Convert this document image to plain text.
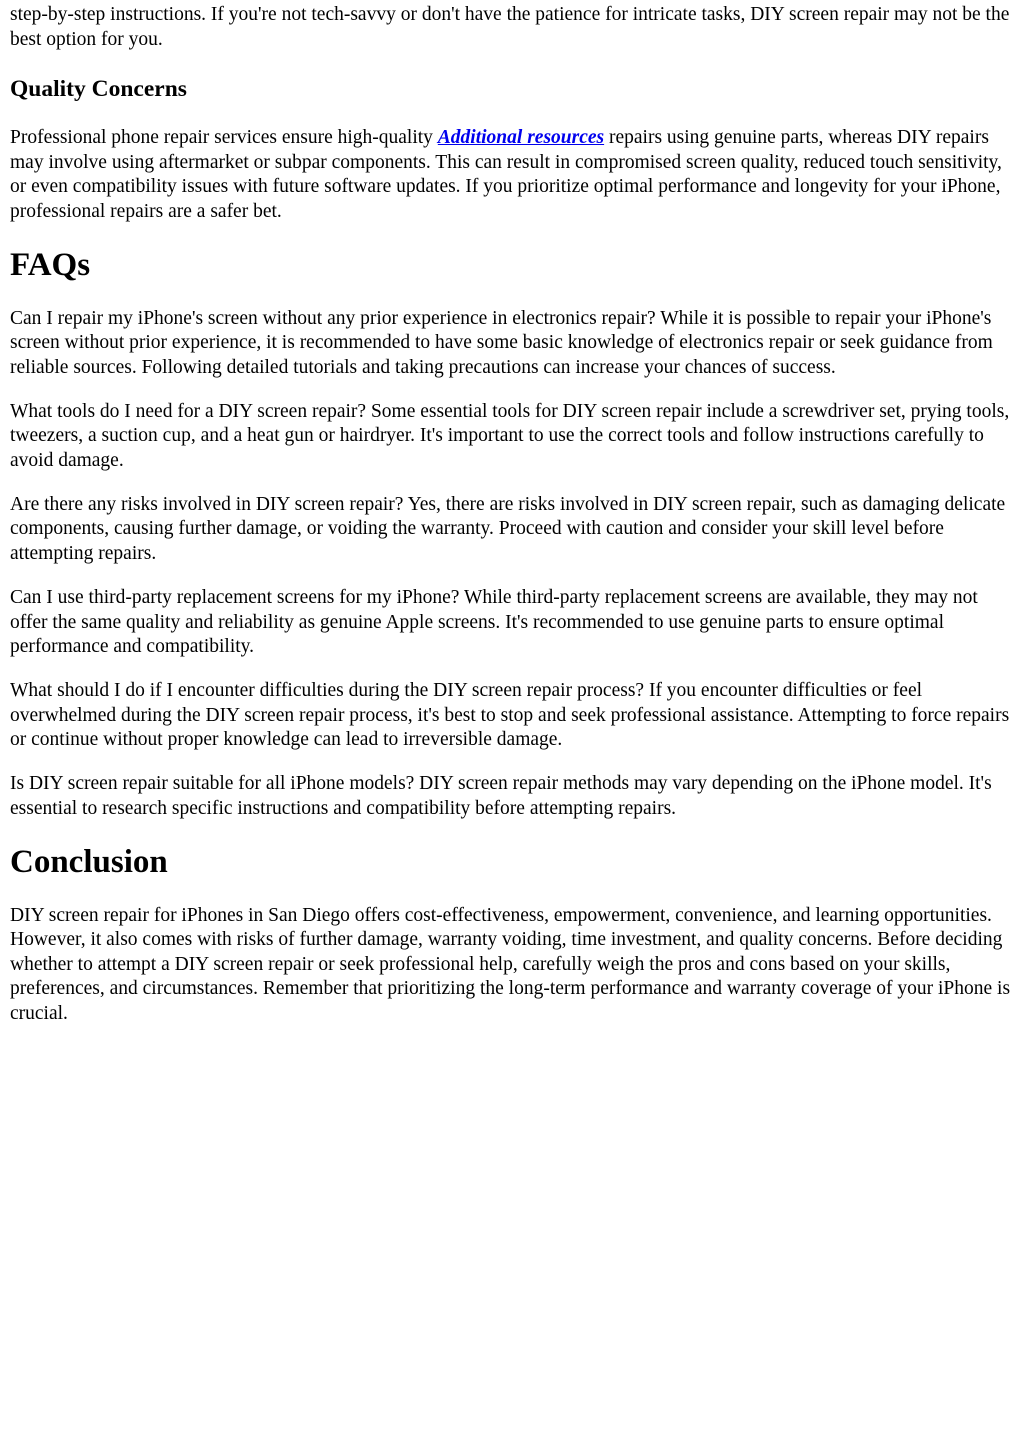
step-by-step instructions. If you're not tech-savvy or don't have the patience for intricate tasks, DIY screen repair may not be the best option for you.

Quality Concerns

Professional phone repair services ensure high-quality Additional resources repairs using genuine parts, whereas DIY repairs may involve using aftermarket or subpar components. This can result in compromised screen quality, reduced touch sensitivity, or even compatibility issues with future software updates. If you prioritize optimal performance and longevity for your iPhone, professional repairs are a safer bet.

FAQs

Can I repair my iPhone's screen without any prior experience in electronics repair? While it is possible to repair your iPhone's screen without prior experience, it is recommended to have some basic knowledge of electronics repair or seek guidance from reliable sources. Following detailed tutorials and taking precautions can increase your chances of success.

What tools do I need for a DIY screen repair? Some essential tools for DIY screen repair include a screwdriver set, prying tools, tweezers, a suction cup, and a heat gun or hairdryer. It's important to use the correct tools and follow instructions carefully to avoid damage.

Are there any risks involved in DIY screen repair? Yes, there are risks involved in DIY screen repair, such as damaging delicate components, causing further damage, or voiding the warranty. Proceed with caution and consider your skill level before attempting repairs.

Can I use third-party replacement screens for my iPhone? While third-party replacement screens are available, they may not offer the same quality and reliability as genuine Apple screens. It's recommended to use genuine parts to ensure optimal performance and compatibility.

What should I do if I encounter difficulties during the DIY screen repair process? If you encounter difficulties or feel overwhelmed during the DIY screen repair process, it's best to stop and seek professional assistance. Attempting to force repairs or continue without proper knowledge can lead to irreversible damage.

Is DIY screen repair suitable for all iPhone models? DIY screen repair methods may vary depending on the iPhone model. It's essential to research specific instructions and compatibility before attempting repairs.

Conclusion

DIY screen repair for iPhones in San Diego offers cost-effectiveness, empowerment, convenience, and learning opportunities. However, it also comes with risks of further damage, warranty voiding, time investment, and quality concerns. Before deciding whether to attempt a DIY screen repair or seek professional help, carefully weigh the pros and cons based on your skills, preferences, and circumstances. Remember that prioritizing the long-term performance and warranty coverage of your iPhone is crucial.
